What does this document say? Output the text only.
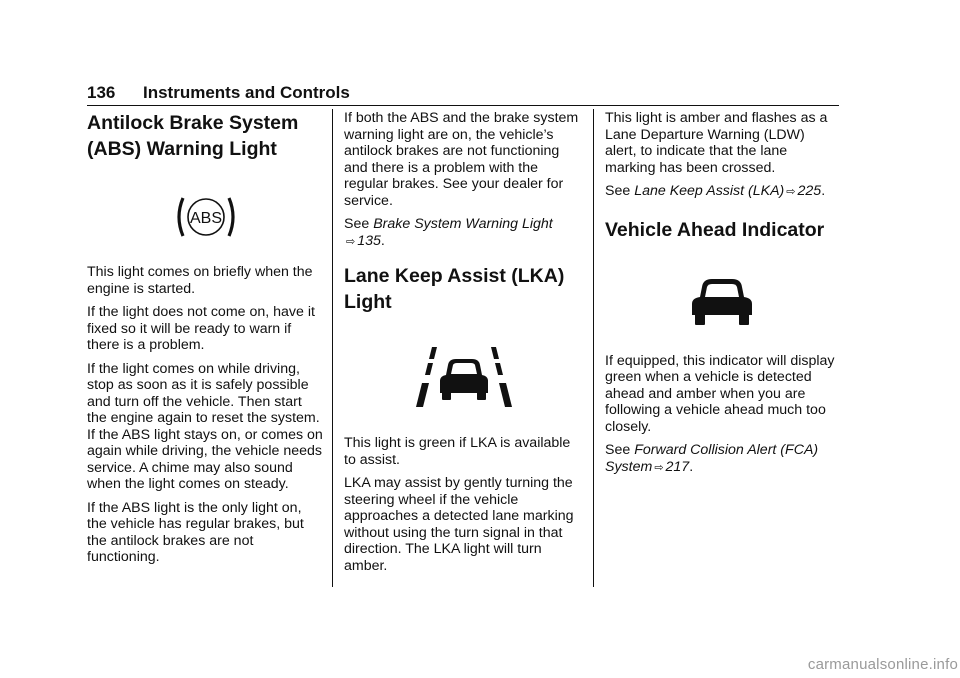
136 Instruments and Controls
Antilock Brake System (ABS) Warning Light
ABS

This light comes on briefly when the engine is started.

If the light does not come on, have it fixed so it will be ready to warn if there is a problem.

If the light comes on while driving, stop as soon as it is safely possible and turn off the vehicle. Then start the engine again to reset the system. If the ABS light stays on, or comes on again while driving, the vehicle needs service. A chime may also sound when the light comes on steady.

If the ABS light is the only light on, the vehicle has regular brakes, but the antilock brakes are not functioning.

If both the ABS and the brake system warning light are on, the vehicle’s antilock brakes are not functioning and there is a problem with the regular brakes. See your dealer for service.

See Brake System Warning Light
⇨ 135.

Lane Keep Assist (LKA) Light

This light is green if LKA is available to assist.

LKA may assist by gently turning the steering wheel if the vehicle approaches a detected lane marking without using the turn signal in that direction. The LKA light will turn amber.

This light is amber and flashes as a Lane Departure Warning (LDW) alert, to indicate that the lane marking has been crossed.

See Lane Keep Assist (LKA) ⇨ 225.

Vehicle Ahead Indicator

If equipped, this indicator will display green when a vehicle is detected ahead and amber when you are following a vehicle ahead much too closely.

See Forward Collision Alert (FCA) System ⇨ 217.

carmanualsonline.info
